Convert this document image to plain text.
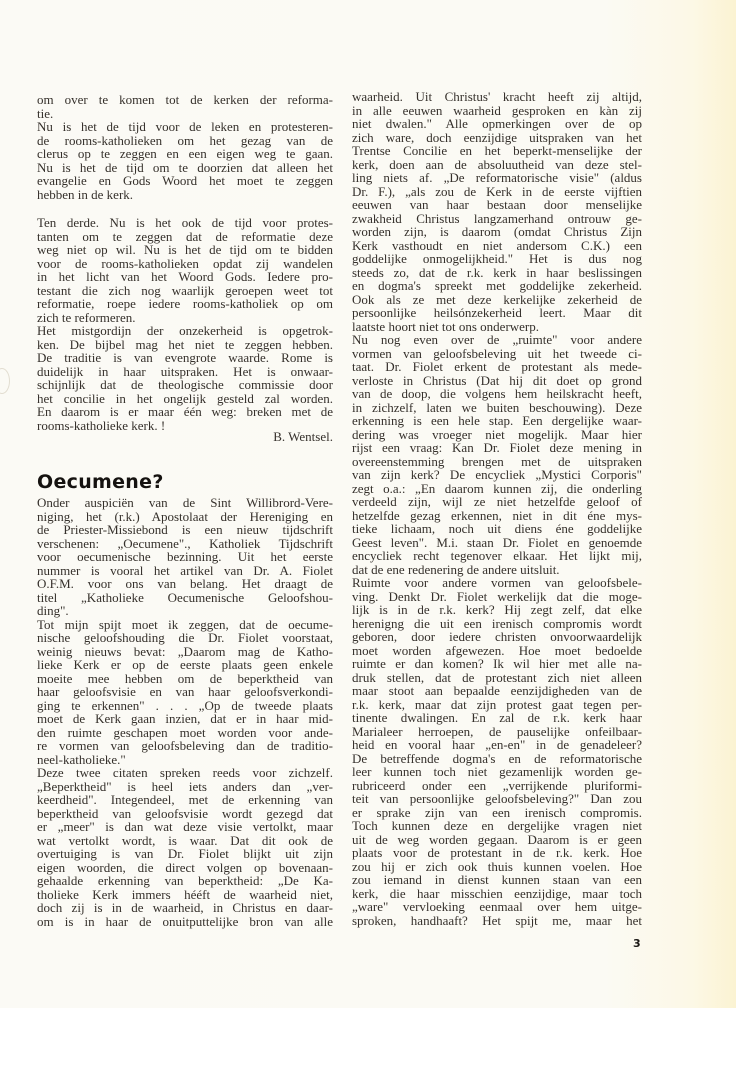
om over te komen tot de kerken der reforma-
tie.
Nu is het de tijd voor de leken en protesteren-
de rooms-katholieken om het gezag van de
clerus op te zeggen en een eigen weg te gaan.
Nu is het de tijd om te doorzien dat alleen het
evangelie en Gods Woord het moet te zeggen
hebben in de kerk.
Ten derde. Nu is het ook de tijd voor protes-
tanten om te zeggen dat de reformatie deze
weg niet op wil. Nu is het de tijd om te bidden
voor de rooms-katholieken opdat zij wandelen
in het licht van het Woord Gods. Iedere pro-
testant die zich nog waarlijk geroepen weet tot
reformatie, roepe iedere rooms-katholiek op om
zich te reformeren.
Het mistgordijn der onzekerheid is opgetrok-
ken. De bijbel mag het niet te zeggen hebben.
De traditie is van evengrote waarde. Rome is
duidelijk in haar uitspraken. Het is onwaar-
schijnlijk dat de theologische commissie door
het concilie in het ongelijk gesteld zal worden.
En daarom is er maar één weg: breken met de
rooms-katholieke kerk. !
B. Wentsel.
Oecumene?
Onder auspiciën van de Sint Willibrord-Vere-
niging, het (r.k.) Apostolaat der Hereniging en
de Priester-Missiebond is een nieuw tijdschrift
verschenen: „Oecumene"., Katholiek Tijdschrift
voor oecumenische bezinning. Uit het eerste
nummer is vooral het artikel van Dr. A. Fiolet
O.F.M. voor ons van belang. Het draagt de
titel „Katholieke Oecumenische Geloofshou-
ding".
Tot mijn spijt moet ik zeggen, dat de oecume-
nische geloofshouding die Dr. Fiolet voorstaat,
weinig nieuws bevat: „Daarom mag de Katho-
lieke Kerk er op de eerste plaats geen enkele
moeite mee hebben om de beperktheid van
haar geloofsvisie en van haar geloofsverkondi-
ging te erkennen" . . . „Op de tweede plaats
moet de Kerk gaan inzien, dat er in haar mid-
den ruimte geschapen moet worden voor ande-
re vormen van geloofsbeleving dan de traditio-
neel-katholieke."
Deze twee citaten spreken reeds voor zichzelf.
„Beperktheid" is heel iets anders dan „ver-
keerdheid". Integendeel, met de erkenning van
beperktheid van geloofsvisie wordt gezegd dat
er „meer" is dan wat deze visie vertolkt, maar
wat vertolkt wordt, is waar. Dat dit ook de
overtuiging is van Dr. Fiolet blijkt uit zijn
eigen woorden, die direct volgen op bovenaan-
gehaalde erkenning van beperktheid: „De Ka-
tholieke Kerk immers hééft de waarheid niet,
doch zij is in de waarheid, in Christus en daar-
om is in haar de onuitputtelijke bron van alle
waarheid. Uit Christus' kracht heeft zij altijd,
in alle eeuwen waarheid gesproken en kàn zij
niet dwalen." Alle opmerkingen over de op
zich ware, doch eenzijdige uitspraken van het
Trentse Concilie en het beperkt-menselijke der
kerk, doen aan de absoluutheid van deze stel-
ling niets af. „De reformatorische visie" (aldus
Dr. F.), „als zou de Kerk in de eerste vijftien
eeuwen van haar bestaan door menselijke
zwakheid Christus langzamerhand ontrouw ge-
worden zijn, is daarom (omdat Christus Zijn
Kerk vasthoudt en niet andersom C.K.) een
goddelijke onmogelijkheid." Het is dus nog
steeds zo, dat de r.k. kerk in haar beslissingen
en dogma's spreekt met goddelijke zekerheid.
Ook als ze met deze kerkelijke zekerheid de
persoonlijke heilsónzekerheid leert. Maar dit
laatste hoort niet tot ons onderwerp.
Nu nog even over de „ruimte" voor andere
vormen van geloofsbeleving uit het tweede ci-
taat. Dr. Fiolet erkent de protestant als mede-
verloste in Christus (Dat hij dit doet op grond
van de doop, die volgens hem heilskracht heeft,
in zichzelf, laten we buiten beschouwing). Deze
erkenning is een hele stap. Een dergelijke waar-
dering was vroeger niet mogelijk. Maar hier
rijst een vraag: Kan Dr. Fiolet deze mening in
overeenstemming brengen met de uitspraken
van zijn kerk? De encycliek „Mystici Corporis"
zegt o.a.: „En daarom kunnen zij, die onderling
verdeeld zijn, wijl ze niet hetzelfde geloof of
hetzelfde gezag erkennen, niet in dit éne mys-
tieke lichaam, noch uit diens éne goddelijke
Geest leven". M.i. staan Dr. Fiolet en genoemde
encycliek recht tegenover elkaar. Het lijkt mij,
dat de ene redenering de andere uitsluit.
Ruimte voor andere vormen van geloofsbele-
ving. Denkt Dr. Fiolet werkelijk dat die moge-
lijk is in de r.k. kerk? Hij zegt zelf, dat elke
herenigng die uit een irenisch compromis wordt
geboren, door iedere christen onvoorwaardelijk
moet worden afgewezen. Hoe moet bedoelde
ruimte er dan komen? Ik wil hier met alle na-
druk stellen, dat de protestant zich niet alleen
maar stoot aan bepaalde eenzijdigheden van de
r.k. kerk, maar dat zijn protest gaat tegen per-
tinente dwalingen. En zal de r.k. kerk haar
Marialeer herroepen, de pauselijke onfeilbaar-
heid en vooral haar „en-en" in de genadeleer?
De betreffende dogma's en de reformatorische
leer kunnen toch niet gezamenlijk worden ge-
rubriceerd onder een „verrijkende pluriformi-
teit van persoonlijke geloofsbeleving?" Dan zou
er sprake zijn van een irenisch compromis.
Toch kunnen deze en dergelijke vragen niet
uit de weg worden gegaan. Daarom is er geen
plaats voor de protestant in de r.k. kerk. Hoe
zou hij er zich ook thuis kunnen voelen. Hoe
zou iemand in dienst kunnen staan van een
kerk, die haar misschien eenzijdige, maar toch
„ware" vervloeking eenmaal over hem uitge-
sproken, handhaaft? Het spijt me, maar het
3
